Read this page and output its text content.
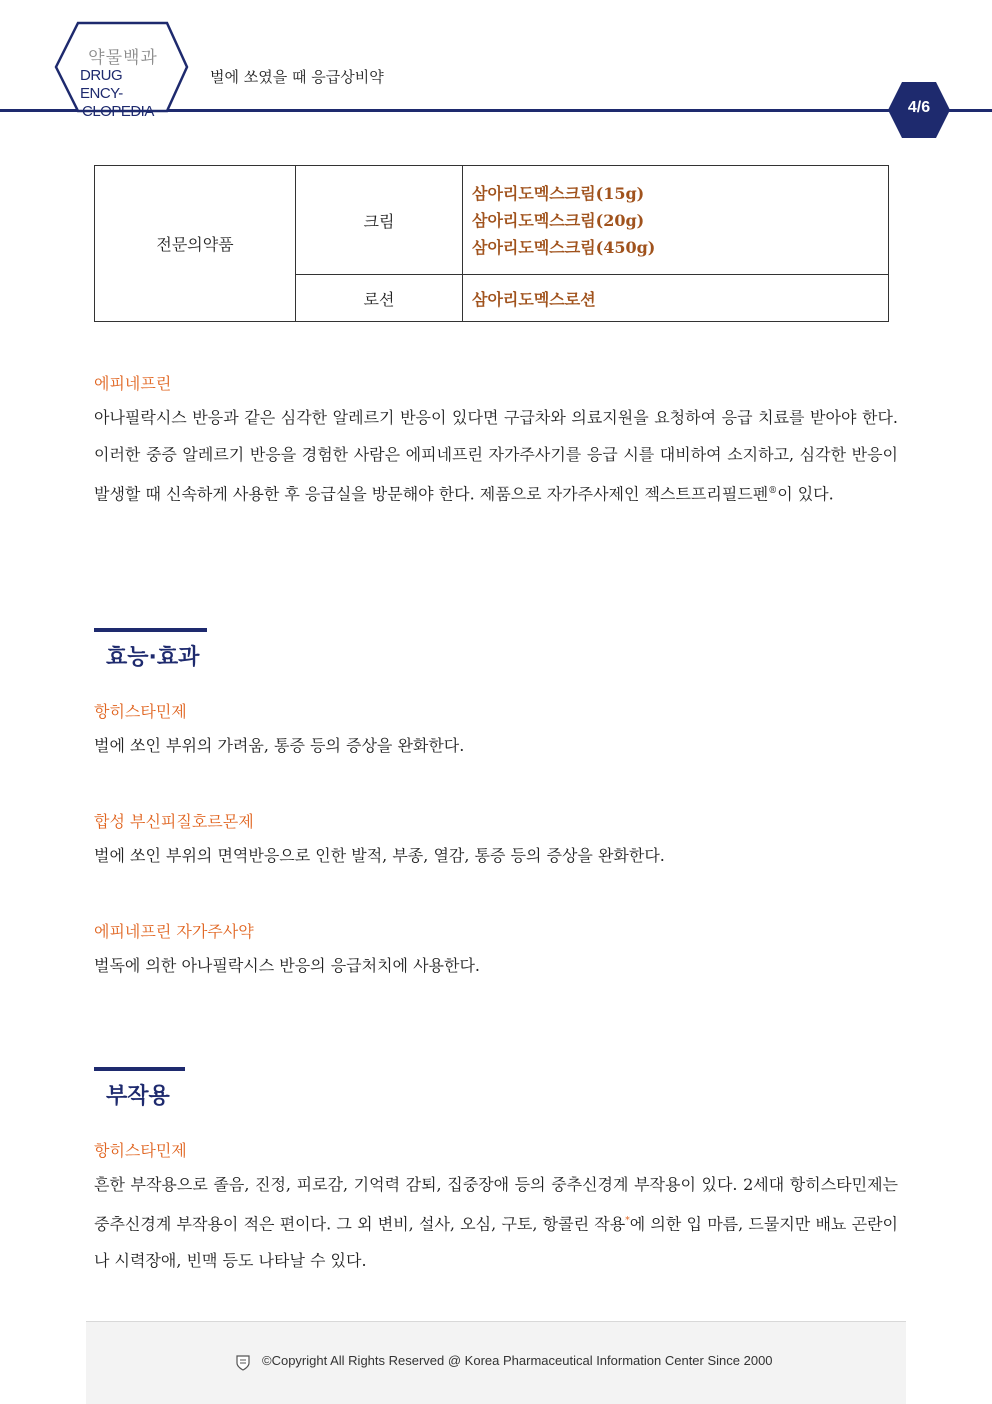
약물백과
DRUG ENCY-
CLOPEDIA
벌에 쏘였을 때 응급상비약
4/6
전문의약품	크림	삼아리도멕스크림(15g)
삼아리도멕스크림(20g)
삼아리도멕스크림(450g)

	로션	삼아리도멕스로션
에피네프린
아나필락시스 반응과 같은 심각한 알레르기 반응이 있다면 구급차와 의료지원을 요청하여 응급 치료를 받아야 한다. 이러한 중증 알레르기 반응을 경험한 사람은 에피네프린 자가주사기를 응급 시를 대비하여 소지하고, 심각한 반응이 발생할 때 신속하게 사용한 후 응급실을 방문해야 한다. 제품으로 자가주사제인 젝스트프리필드펜®이 있다.
효능·효과
항히스타민제
벌에 쏘인 부위의 가려움, 통증 등의 증상을 완화한다.
합성 부신피질호르몬제
벌에 쏘인 부위의 면역반응으로 인한 발적, 부종, 열감, 통증 등의 증상을 완화한다.
에피네프린 자가주사약
벌독에 의한 아나필락시스 반응의 응급처치에 사용한다.
부작용
항히스타민제
흔한 부작용으로 졸음, 진정, 피로감, 기억력 감퇴, 집중장애 등의 중추신경계 부작용이 있다. 2세대 항히스타민제는 중추신경계 부작용이 적은 편이다. 그 외 변비, 설사, 오심, 구토, 항콜린 작용*에 의한 입 마름, 드물지만 배뇨 곤란이나 시력장애, 빈맥 등도 나타날 수 있다.
©Copyright All Rights Reserved @ Korea Pharmaceutical Information Center Since 2000
